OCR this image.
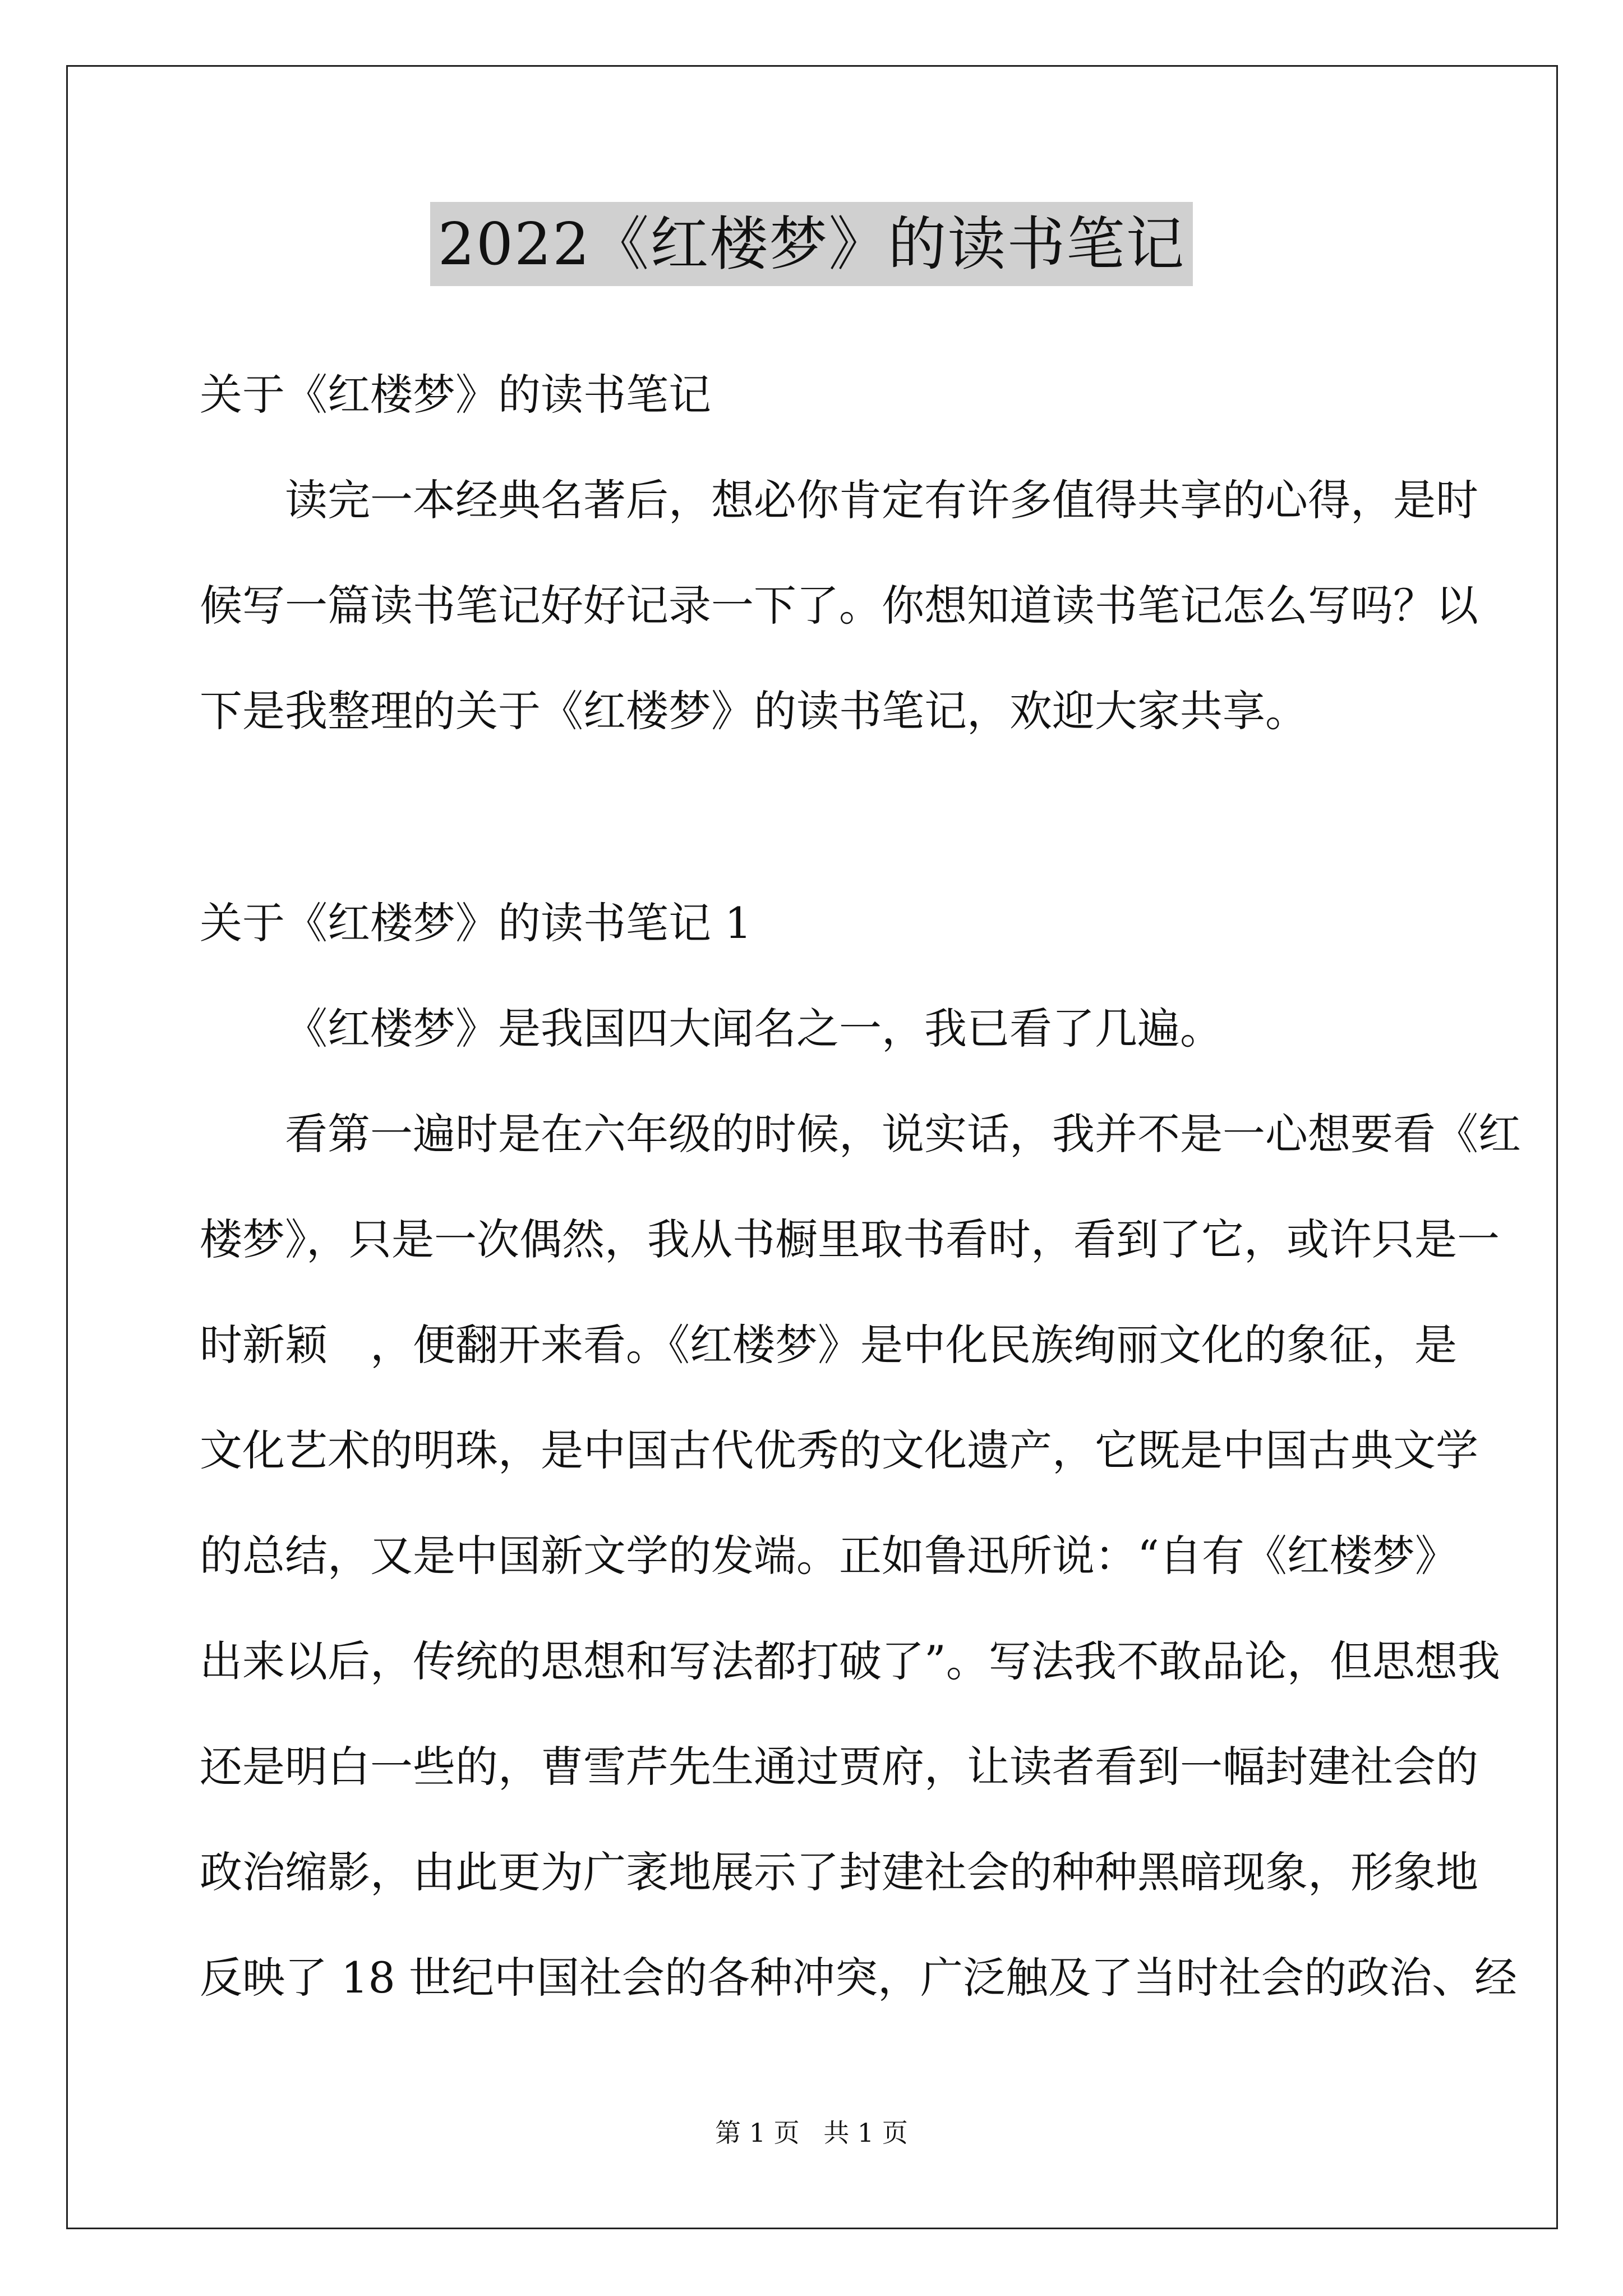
2022《红楼梦》的读书笔记
关于《红楼梦》的读书笔记
读完一本经典名著后，想必你肯定有许多值得共享的心得，是时
候写一篇读书笔记好好记录一下了。你想知道读书笔记怎么写吗？以
下是我整理的关于《红楼梦》的读书笔记，欢迎大家共享。
关于《红楼梦》的读书笔记 1
《红楼梦》是我国四大闻名之一，我已看了几遍。
看第一遍时是在六年级的时候，说实话，我并不是一心想要看《红
楼梦》，只是一次偶然，我从书橱里取书看时，看到了它，或许只是一
时新颖　，便翻开来看。《红楼梦》是中化民族绚丽文化的象征，是
文化艺术的明珠，是中国古代优秀的文化遗产，它既是中国古典文学
的总结，又是中国新文学的发端。正如鲁迅所说：“自有《红楼梦》
出来以后，传统的思想和写法都打破了”。写法我不敢品论，但思想我
还是明白一些的，曹雪芹先生通过贾府，让读者看到一幅封建社会的
政治缩影，由此更为广袤地展示了封建社会的种种黑暗现象，形象地
反映了 18 世纪中国社会的各种冲突，广泛触及了当时社会的政治、经
第 1 页 共 1 页
